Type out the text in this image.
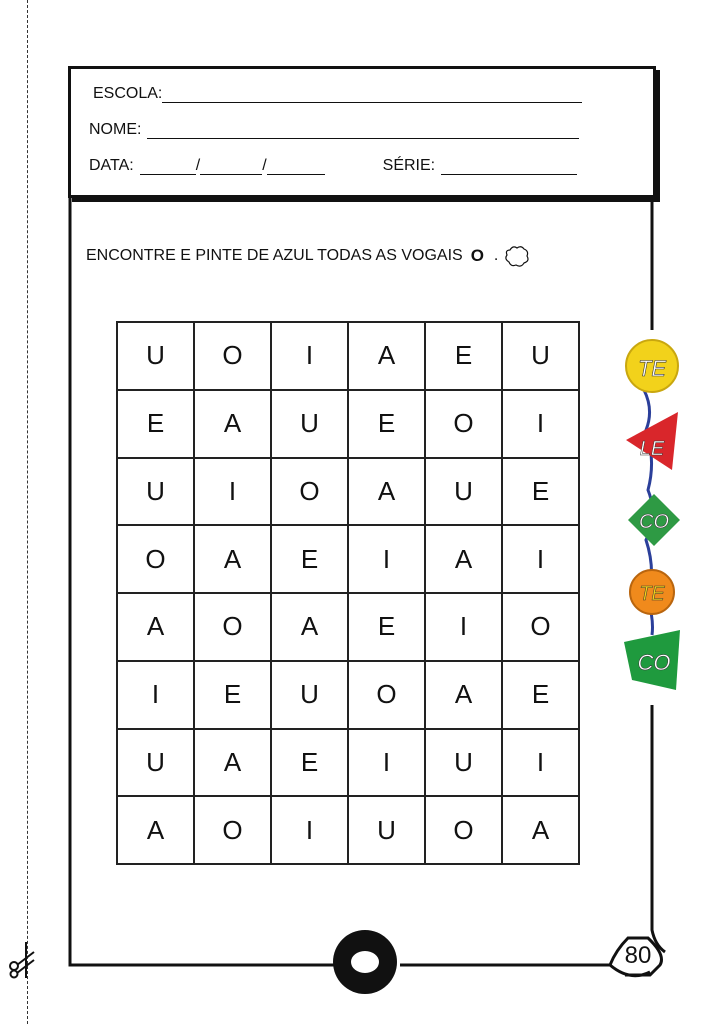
ESCOLA:
NOME:
DATA:	/	/	SÉRIE:
ENCONTRE E PINTE DE AZUL TODAS AS VOGAIS O .
U	O	I	A	E	U
E	A	U	E	O	I
U	I	O	A	U	E
O	A	E	I	A	I
A	O	A	E	I	O
I	E	U	O	A	E
U	A	E	I	U	I
A	O	I	U	O	A
TE
LE
CO
TE
CO
80
